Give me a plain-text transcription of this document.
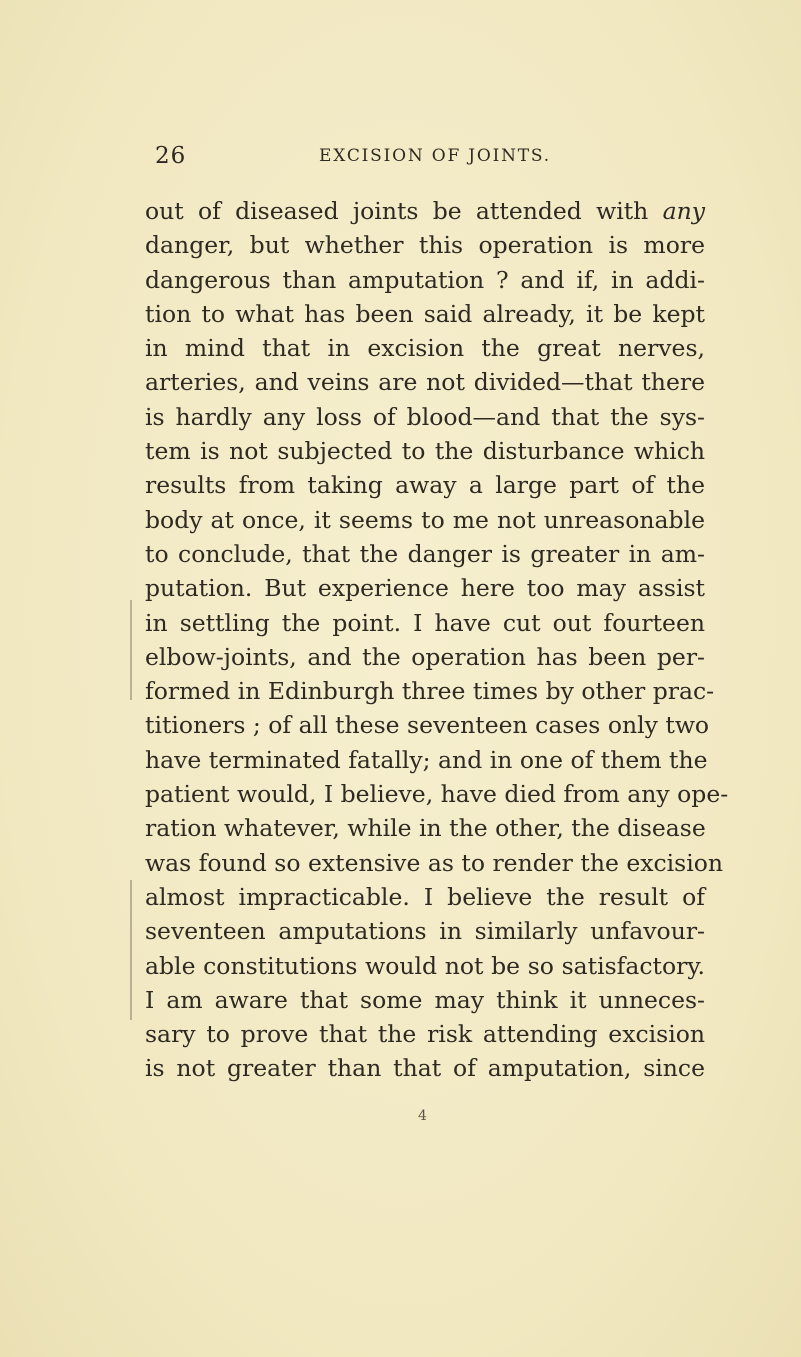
26	EXCISION OF JOINTS.
out of diseased joints be attended with any
danger, but whether this operation is more
dangerous than amputation ? and if, in addi-
tion to what has been said already, it be kept
in mind that in excision the great nerves,
arteries, and veins are not divided—that there
is hardly any loss of blood—and that the sys-
tem is not subjected to the disturbance which
results from taking away a large part of the
body at once, it seems to me not unreasonable
to conclude, that the danger is greater in am-
putation. But experience here too may assist
in settling the point. I have cut out fourteen
elbow-joints, and the operation has been per-
formed in Edinburgh three times by other prac-
titioners ; of all these seventeen cases only two
have terminated fatally; and in one of them the
patient would, I believe, have died from any ope-
ration whatever, while in the other, the disease
was found so extensive as to render the excision
almost impracticable. I believe the result of
seventeen amputations in similarly unfavour-
able constitutions would not be so satisfactory.
I am aware that some may think it unneces-
sary to prove that the risk attending excision
is not greater than that of amputation, since
4
